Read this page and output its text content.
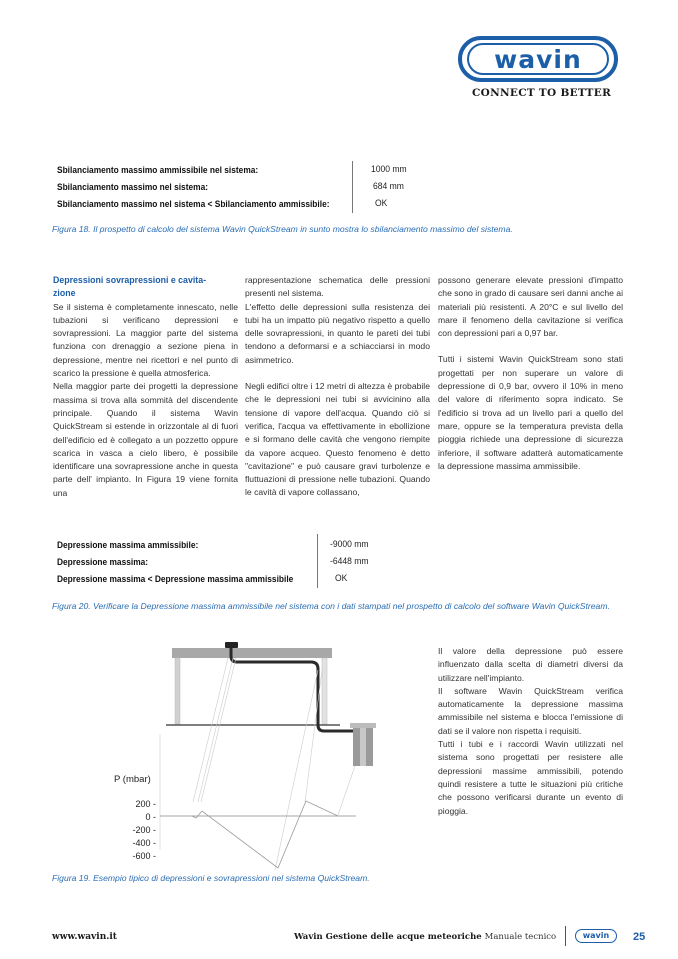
wavin
CONNECT TO BETTER
Sbilanciamento massimo ammissibile nel sistema:	1000 mm
Sbilanciamento massimo nel sistema:	684 mm
Sbilanciamento massimo nel sistema < Sbilanciamento ammissibile:	OK
Figura 18. Il prospetto di calcolo del sistema Wavin QuickStream in sunto mostra lo sbilanciamento massimo del sistema.
Depressioni sovrapressioni e cavita-
zione

Se il sistema è completamente innescato, nelle tubazioni si verificano depressioni e sovrapressioni. La maggior parte del sistema funziona con drenaggio a sezione piena in depressione, mentre nei ricettori e nel punto di scarico la pressione è quella atmosferica.

Nella maggior parte dei progetti la depressione massima si trova alla sommità del discendente principale. Quando il sistema Wavin QuickStream si estende in orizzontale al di fuori dell'edificio ed è collegato a un pozzetto oppure scarica in vasca a cielo libero, è possibile identificare una sovrapressione anche in questa parte dell' impianto. In Figura 19 viene fornita una

rappresentazione schematica delle pressioni presenti nel sistema.

L'effetto delle depressioni sulla resistenza dei tubi ha un impatto più negativo rispetto a quello delle sovrapressioni, in quanto le pareti dei tubi tendono a deformarsi e a schiacciarsi in modo asimmetrico.

Negli edifici oltre i 12 metri di altezza è probabile che le depressioni nei tubi si avvicinino alla tensione di vapore dell'acqua. Quando ciò si verifica, l'acqua va effettivamente in ebollizione e si formano delle cavità che vengono riempite da vapore acqueo. Questo fenomeno è detto "cavitazione" e può causare gravi turbolenze e fluttuazioni di pressione nelle tubazioni. Quando le cavità di vapore collassano,

possono generare elevate pressioni d'impatto che sono in grado di causare seri danni anche ai materiali più resistenti. A 20°C e sul livello del mare il fenomeno della cavitazione si verifica con depressioni pari a 0,97 bar.

Tutti i sistemi Wavin QuickStream sono stati progettati per non superare un valore di depressione di 0,9 bar, ovvero il 10% in meno del valore di riferimento sopra indicato. Se l'edificio si trova ad un livello pari a quello del mare, oppure se la temperatura prevista della pioggia richiede una depressione di sicurezza inferiore, il software adatterà automaticamente la depressione massima ammissibile.

Depressione massima ammissibile:	-9000 mm
Depressione massima:	-6448 mm
Depressione massima < Depressione massima ammissibile	OK
Figura 20. Verificare la Depressione massima ammissibile nel sistema con i dati stampati nel prospetto di calcolo del software Wavin QuickStream.
P (mbar)
200 -
0 -
-200 -
-400 -
-600 -
Figura 19. Esempio tipico di depressioni e sovrapressioni nel sistema QuickStream.

Il valore della depressione può essere influenzato dalla scelta di diametri diversi da utilizzare nell'impianto.

Il software Wavin QuickStream verifica automaticamente la depressione massima ammissibile nel sistema e blocca l'emissione di dati se il valore non rispetta i requisiti.

Tutti i tubi e i raccordi Wavin utilizzati nel sistema sono progettati per resistere alle depressioni massime ammissibili, potendo quindi resistere a tutte le situazioni più critiche che possono verificarsi durante un evento di pioggia.

www.wavin.it	Wavin Gestione delle acque meteoriche Manuale tecnico	wavin	25
